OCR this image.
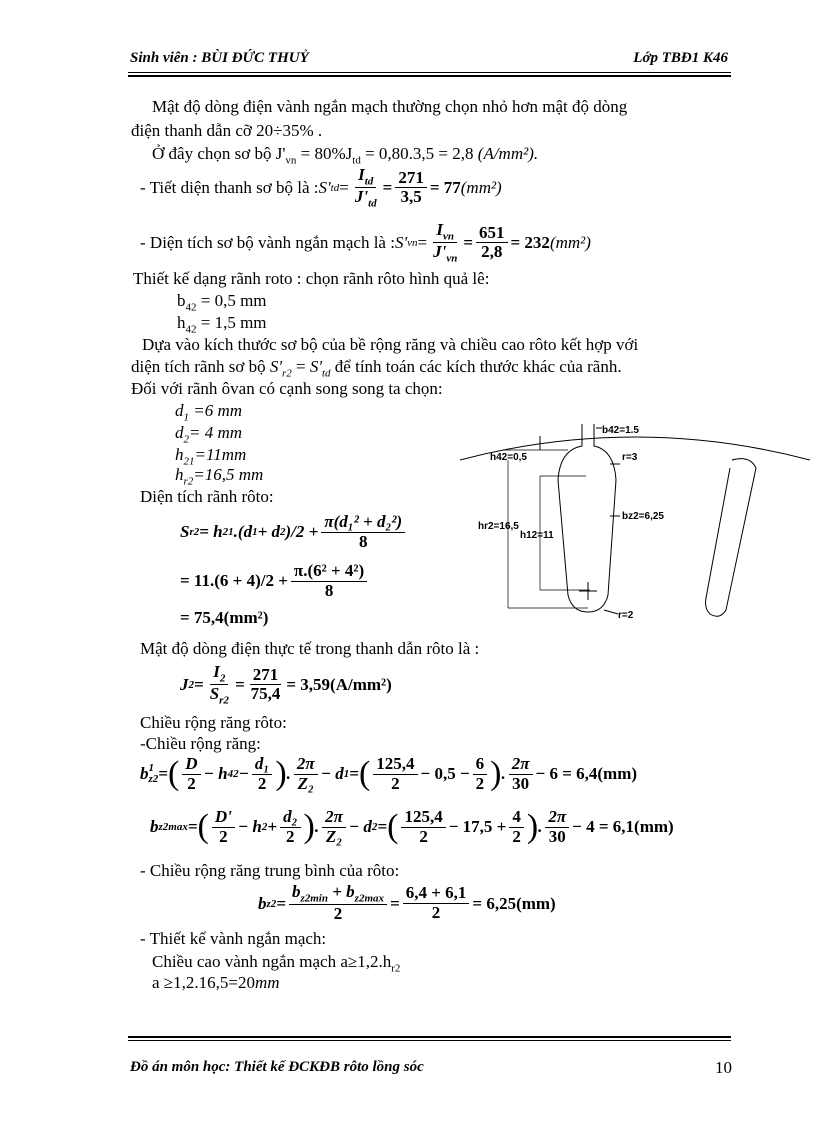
Sinh viên : BÙI ĐỨC THUỶ	Lớp TBĐ1 K46
Mật độ dòng điện vành ngắn mạch thường chọn nhỏ hơn mật độ dòng
điện thanh dẫn cỡ 20÷35% .
Ở đây chọn sơ bộ $J'_{vn} = 80\%J_{td} = 0,80.3,5 = 2,8$ (A/mm²).
- Tiết diện thanh sơ bộ là : S' td = $\frac{I_{td}}{J'_{td}} = \frac{271}{3,5} = 77$ (mm²)
- Diện tích sơ bộ vành ngắn mạch là : S' vn = $\frac{I_{vn}}{J'_{vn}} = \frac{651}{2,8} = 232$ (mm²)
Thiết kế dạng rãnh roto : chọn rãnh rôto hình quả lê:
$b_{42} = 0,5$ mm
$h_{42} = 1,5$ mm
Dựa vào kích thước sơ bộ của bề rộng răng và chiều cao rôto kết hợp với
diện tích rãnh sơ bộ $S'_{r2} = S'_{td}$ để tính toán các kích thước khác của rãnh.
Đối với rãnh ôvan có cạnh song song ta chọn:
$d_1 =6$ mm
$d_2= 4$ mm
$h_{21}=11mm$
$h_{r2}=16,5$ mm
Diện tích rãnh rôto:
S r2 = h 21 .(d 1 + d 2 )$/2 + \frac{\text{π(d₁² + d₂²)}}{8}$
= $11.(6 + 4)/2 + \frac{\text{π.(6² + 4²)}}{8}$
= 75,4(mm²)
Mật độ dòng điện thực tế trong thanh dẫn rôto là :
J $2 = \frac{I_2}{S_{r2}} = \frac{271}{75,4} = 3,59(A/mm^2)$
Chiều rộng răng rôto:
-Chiều rộng răng:
b 1
z2 = ( $\frac{D}{2} - h$ $42 - \frac{\text{d₁}}{2}$ ) . $\frac{2\pi}{\text{Z₂}} - d$ 1 = ( $\frac{125,4}{2} - 0,5 - \frac{6}{2}$ ) . $\frac{2\pi}{30} - 6 = 6,4(mm)$
b z2max = ( $\frac{D'}{2} - h$ $2 + \frac{\text{d₂}}{2}$ ) . $\frac{2\pi}{\text{Z₂}} - d$ 2 = ( $\frac{125,4}{2} - 17,5 + \frac{4}{2}$ ) . $\frac{2\pi}{30} - 4 = 6,1(mm)$
- Chiều rộng răng trung bình của rôto:
b $z2 = \frac{b_{z2min} + b_{z2max}}{2} = \frac{6,4 + 6,1}{2} = 6,25(mm)$
- Thiết kế vành ngắn mạch:
Chiều cao vành ngắn mạch $a\ge 1,2.h_{r2}$
a ≥1,2.16,5=20mm
b42=1.5
h42=0,5	r=3
bz2=6,25
hr2=16,5
h12=11
r=2
Đồ án môn học: Thiết kế ĐCKĐB rôto lồng sóc	10
